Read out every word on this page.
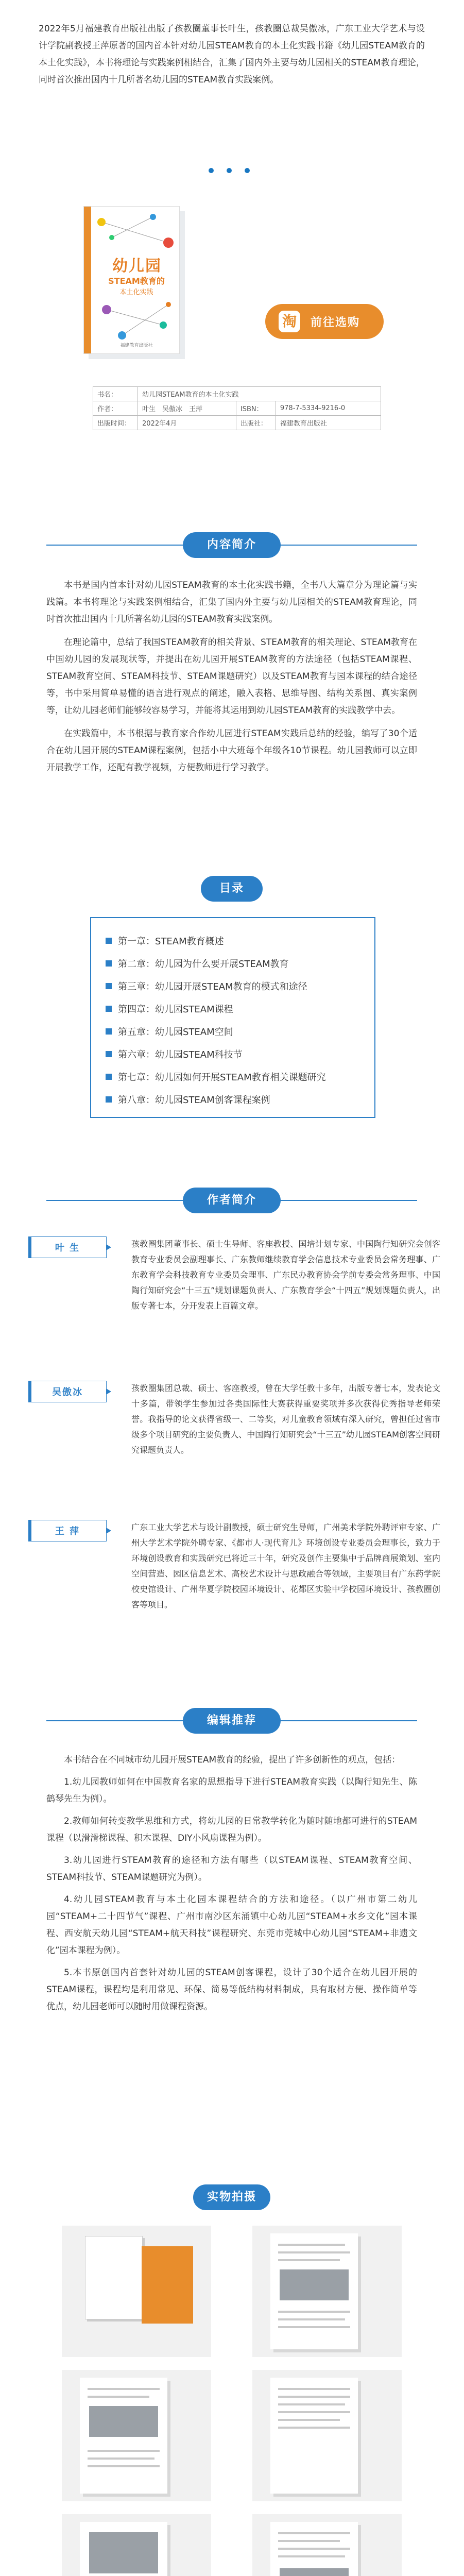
2022年5月福建教育出版社出版了孩教圈董事长叶生，孩教圈总裁吴傲冰，广东工业大学艺术与设计学院副教授王萍原著的国内首本针对幼儿园STEAM教育的本土化实践书籍《幼儿园STEAM教育的本土化实践》，本书将理论与实践案例相结合，汇集了国内外主要与幼儿园相关的STEAM教育理论，同时首次推出国内十几所著名幼儿园的STEAM教育实践案例。
幼儿园
STEAM教育的
本土化实践
福建教育出版社
淘	前往选购
书名：	幼儿园STEAM教育的本土化实践		
作者：	叶生　吴傲冰　王萍	ISBN：	978-7-5334-9216-0
出版时间：	2022年4月	出版社：	福建教育出版社
内容简介
本书是国内首本针对幼儿园STEAM教育的本土化实践书籍，全书八大篇章分为理论篇与实践篇。本书将理论与实践案例相结合，汇集了国内外主要与幼儿园相关的STEAM教育理论，同时首次推出国内十几所著名幼儿园的STEAM教育实践案例。
在理论篇中，总结了我国STEAM教育的相关背景、STEAM教育的相关理论、STEAM教育在中国幼儿园的发展现状等，并提出在幼儿园开展STEAM教育的方法途径（包括STEAM课程、STEAM教育空间、STEAM科技节、STEAM课题研究）以及STEAM教育与园本课程的结合途径等，书中采用简单易懂的语言进行观点的阐述，融入表格、思维导图、结构关系图、真实案例等，让幼儿园老师们能够较容易学习，并能将其运用到幼儿园STEAM教育的实践教学中去。
在实践篇中，本书根据与教育家合作幼儿园进行STEAM实践后总结的经验，编写了30个适合在幼儿园开展的STEAM课程案例，包括小中大班每个年级各10节课程。幼儿园教师可以立即开展教学工作，还配有教学视频，方便教师进行学习教学。
目录
第一章：STEAM教育概述
第二章：幼儿园为什么要开展STEAM教育
第三章：幼儿园开展STEAM教育的模式和途径
第四章：幼儿园STEAM课程
第五章：幼儿园STEAM空间
第六章：幼儿园STEAM科技节
第七章：幼儿园如何开展STEAM教育相关课题研究
第八章：幼儿园STEAM创客课程案例
作者简介
叶 生	孩教圈集团董事长、硕士生导师、客座教授、国培计划专家、中国陶行知研究会创客教育专业委员会副理事长、广东教师继续教育学会信息技术专业委员会常务理事、广东教育学会科技教育专业委员会理事、广东民办教育协会学前专委会常务理事、中国陶行知研究会“十三五”规划课题负责人、广东教育学会“十四五”规划课题负责人，出版专著七本，分开发表上百篇文章。
吴傲冰	孩教圈集团总裁、硕士、客座教授，曾在大学任教十多年，出版专著七本，发表论文十多篇，带领学生参加过各类国际性大赛获得重要奖项并多次获得优秀指导老师荣誉。我指导的论文获得省级一、二等奖，对儿童教育领域有深入研究，曾担任过省市级多个项目研究的主要负责人、中国陶行知研究会“十三五”幼儿园STEAM创客空间研究课题负责人。
王 萍	广东工业大学艺术与设计副教授，硕士研究生导师，广州美术学院外聘评审专家、广州大学艺术学院外聘专家、《都市人·现代育儿》环境创设专业委员会理事长，致力于环境创设教育和实践研究已将近三十年，研究及创作主要集中于品牌商展策划、室内空间营造、园区信息艺术、高校艺术设计与思政融合等领域，主要项目有广东药学院校史馆设计、广州华夏学院校园环境设计、花都区实验中学校园环境设计、孩教圈创客等项目。
编辑推荐
本书结合在不同城市幼儿园开展STEAM教育的经验，提出了许多创新性的观点，包括：
1.幼儿园教师如何在中国教育名家的思想指导下进行STEAM教育实践（以陶行知先生、陈鹤琴先生为例）。
2.教师如何转变教学思维和方式，将幼儿园的日常教学转化为随时随地都可进行的STEAM课程（以滑滑梯课程、积木课程、DIY小风扇课程为例）。
3.幼儿园进行STEAM教育的途径和方法有哪些（以STEAM课程、STEAM教育空间、STEAM科技节、STEAM课题研究为例）。
4.幼儿园STEAM教育与本土化园本课程结合的方法和途径。（以广州市第二幼儿园“STEAM+二十四节气”课程、广州市南沙区东涌镇中心幼儿园“STEAM+水乡文化”园本课程、西安航天幼儿园“STEAM+航天科技”课程研究、东莞市莞城中心幼儿园“STEAM+非遗文化”园本课程为例）。
5.本书原创国内首套针对幼儿园的STEAM创客课程，设计了30个适合在幼儿园开展的STEAM课程，课程均是利用常见、环保、简易等低结构材料制成，具有取材方便、操作简单等优点，幼儿园老师可以随时用做课程资源。
实物拍摄
